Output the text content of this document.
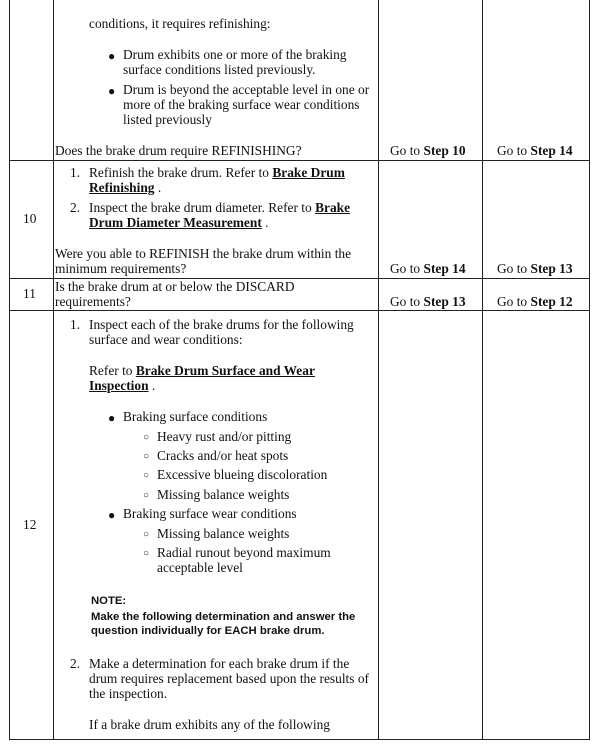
conditions, it requires refinishing:
● Drum exhibits one or more of the braking
surface conditions listed previously.
● Drum is beyond the acceptable level in one or
more of the braking surface wear conditions
listed previously
Does the brake drum require REFINISHING?	Go to Step 10 Go to Step 14
10
1. Refinish the brake drum. Refer to Brake Drum
Refinishing .
2. Inspect the brake drum diameter. Refer to Brake
Drum Diameter Measurement .
Were you able to REFINISH the brake drum within the
minimum requirements?	Go to Step 14 Go to Step 13
11 Is the brake drum at or below the DISCARD
requirements?	Go to Step 13 Go to Step 12
12
1. Inspect each of the brake drums for the following
surface and wear conditions:
Refer to Brake Drum Surface and Wear
Inspection .
● Braking surface conditions
○ Heavy rust and/or pitting
○ Cracks and/or heat spots
○ Excessive blueing discoloration
○ Missing balance weights
● Braking surface wear conditions
○ Missing balance weights
○ Radial runout beyond maximum
acceptable level
NOTE:
Make the following determination and answer the
question individually for EACH brake drum.
2. Make a determination for each brake drum if the
drum requires replacement based upon the results of
the inspection.
If a brake drum exhibits any of the following
